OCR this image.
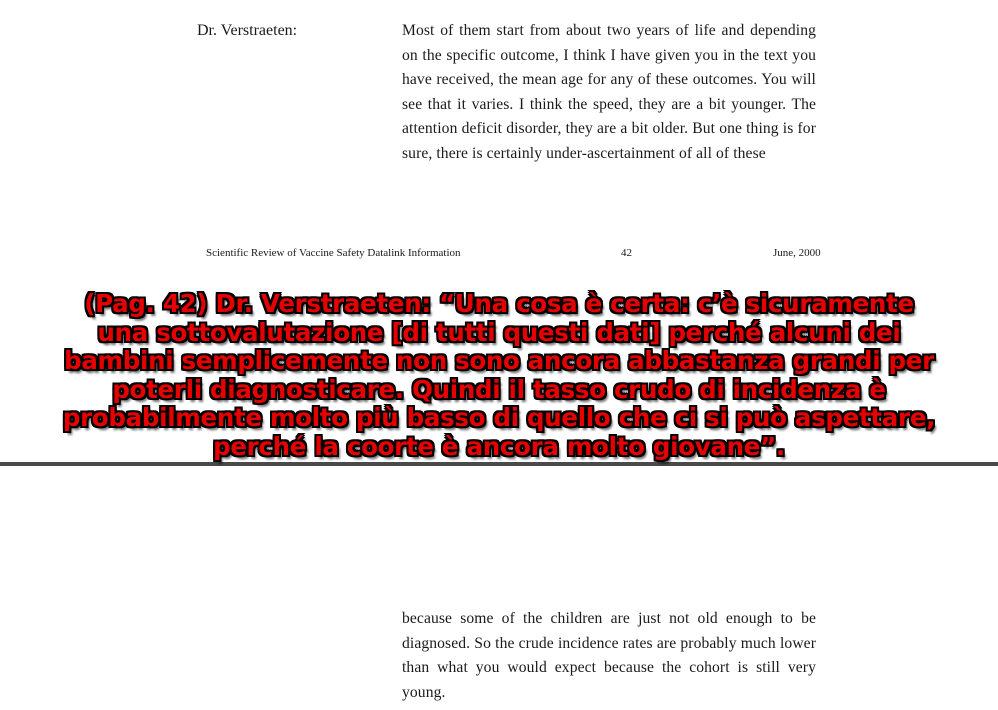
Dr. Verstraeten:	Most of them start from about two years of life and depending on the specific outcome, I think I have given you in the text you have received, the mean age for any of these outcomes. You will see that it varies. I think the speed, they are a bit younger. The attention deficit disorder, they are a bit older. But one thing is for sure, there is certainly under-ascertainment of all of these
Scientific Review of Vaccine Safety Datalink Information	42	June, 2000
(Pag. 42) Dr. Verstraeten: “Una cosa è certa: c’è sicuramente
una sottovalutazione [di tutti questi dati] perché alcuni dei
bambini semplicemente non sono ancora abbastanza grandi per
poterli diagnosticare. Quindi il tasso crudo di incidenza è
probabilmente molto più basso di quello che ci si può aspettare,
perché la coorte è ancora molto giovane”.
because some of the children are just not old enough to be diagnosed. So the crude incidence rates are probably much lower than what you would expect because the cohort is still very young.
